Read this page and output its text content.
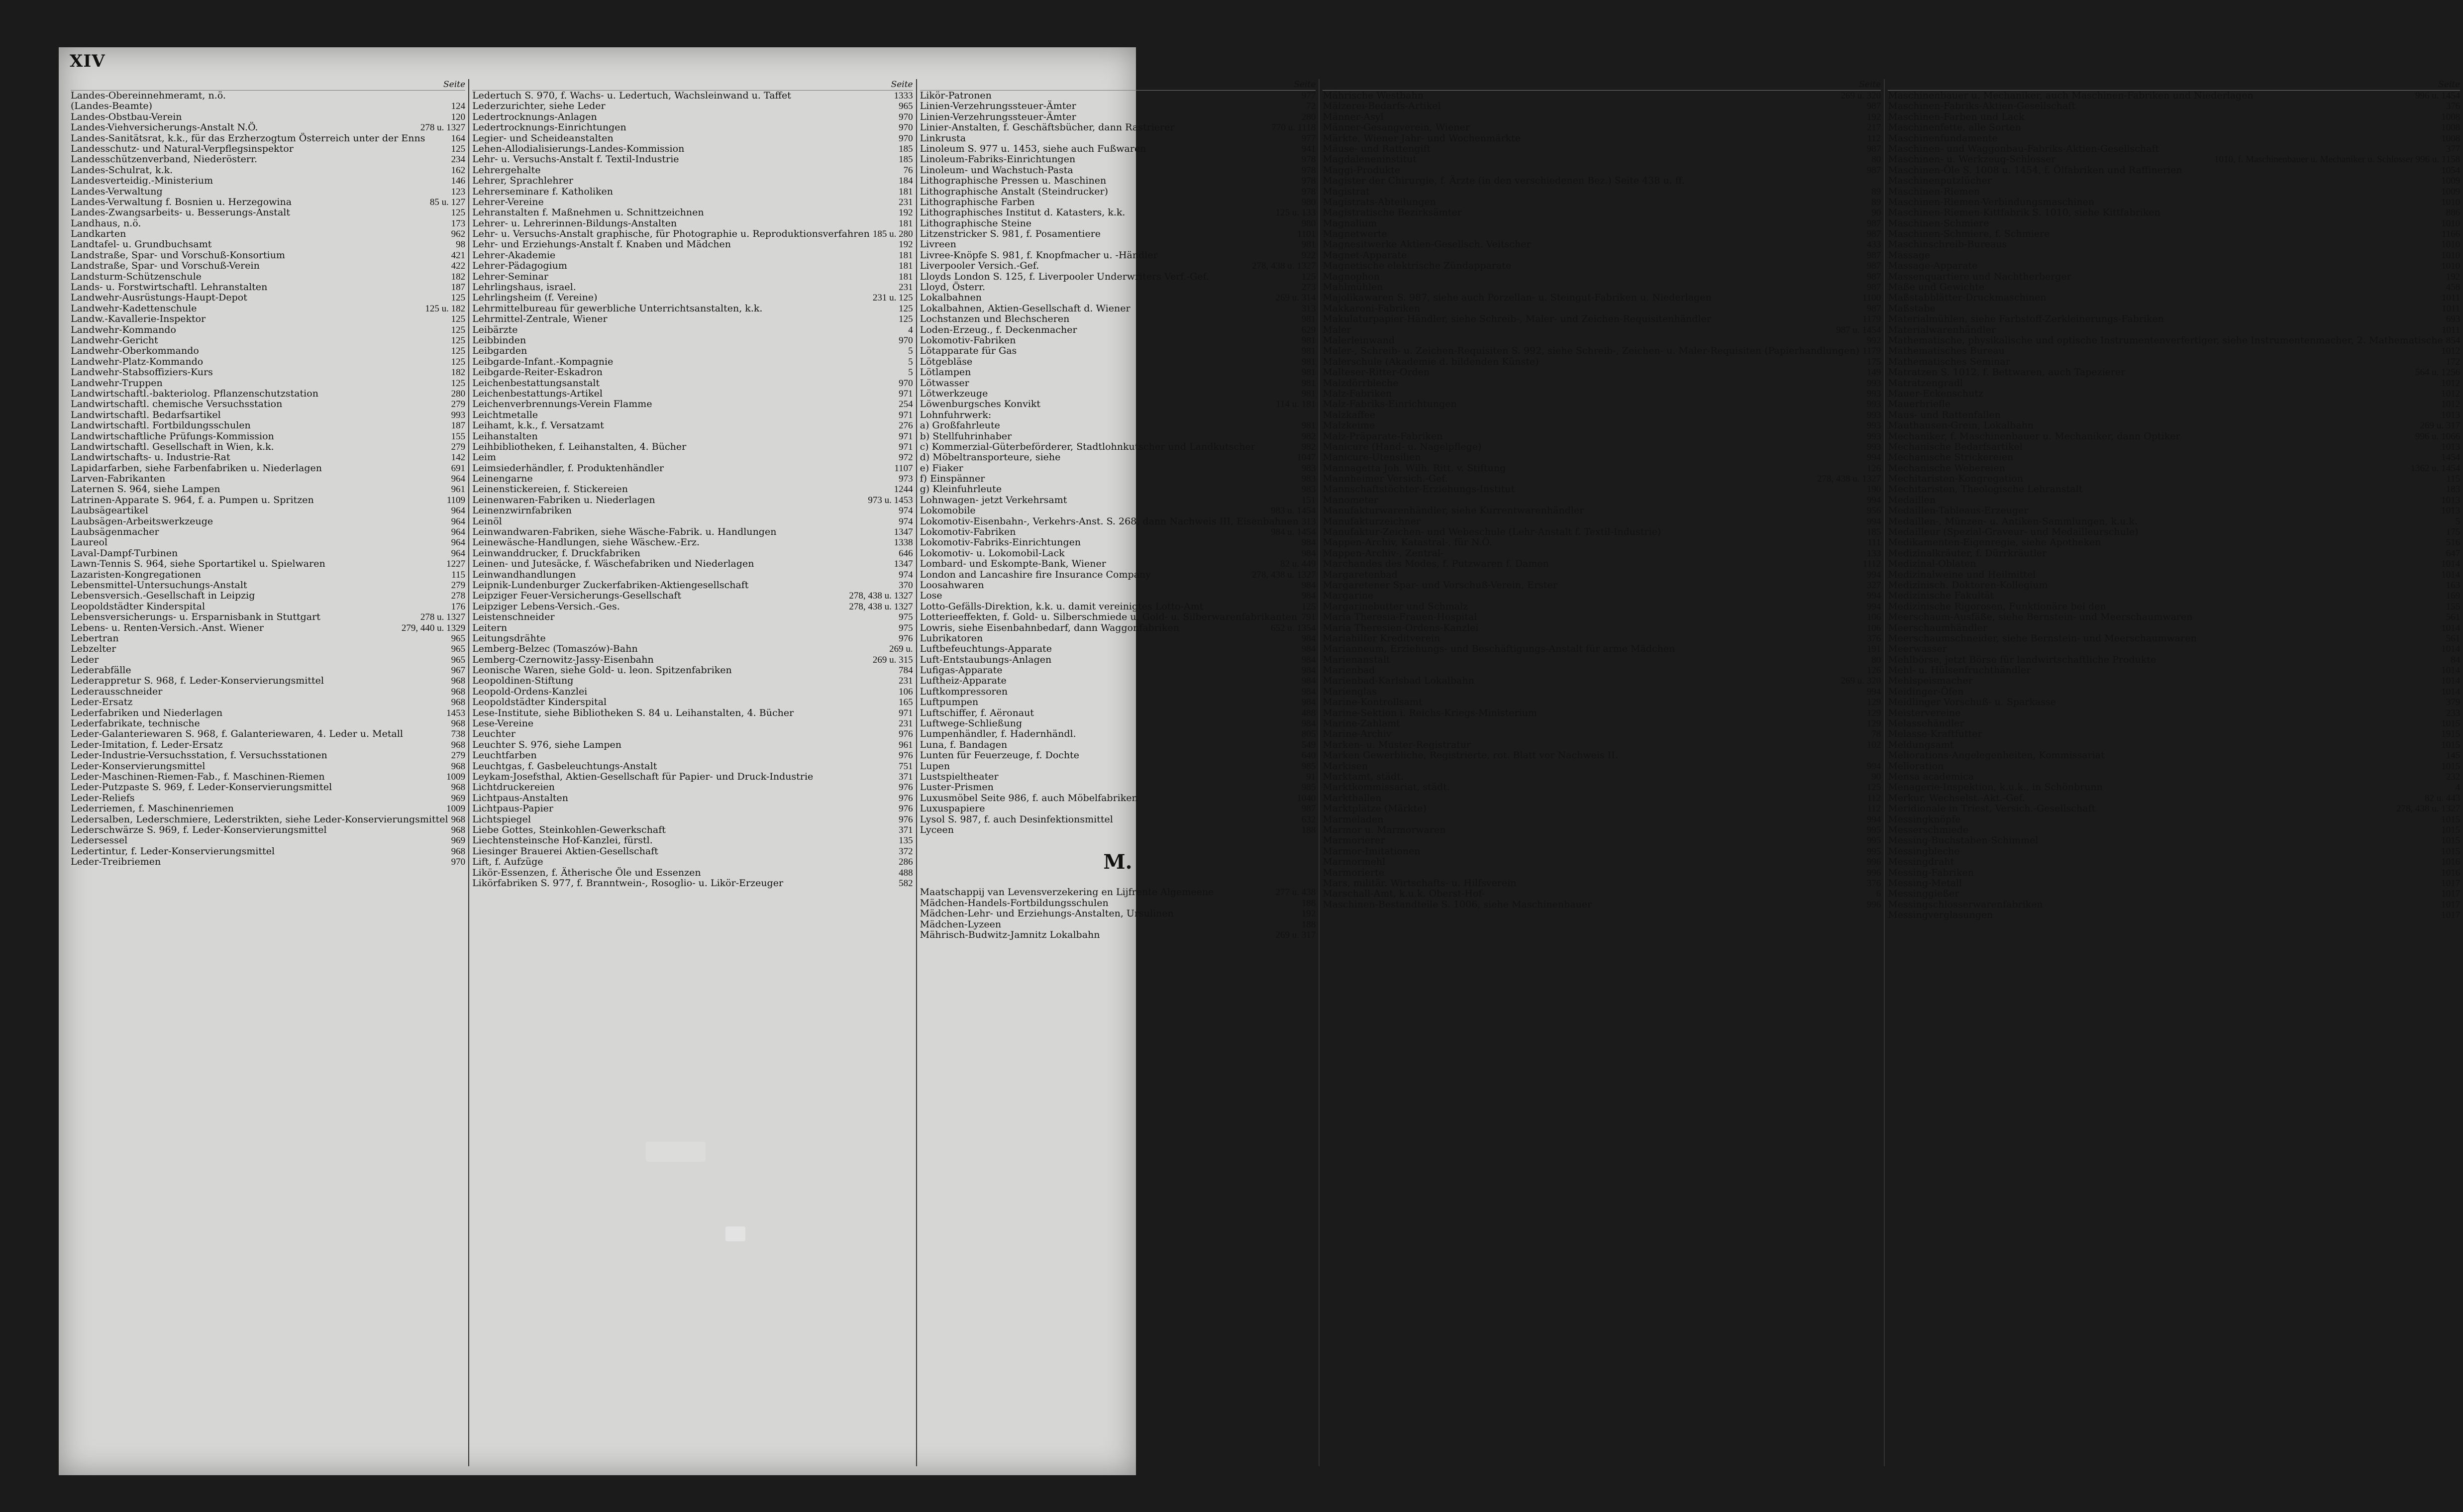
XIV
Seite
Landes-Obereinnehmeramt, n.ö.
(Landes-Beamte)	124
Landes-Obstbau-Verein	120
Landes-Viehversicherungs-Anstalt N.Ö.	278 u. 1327
Landes-Sanitätsrat, k.k., für das Erzherzogtum Österreich unter der Enns	164
Landesschutz- und Natural-Verpflegsinspektor	125
Landesschützenverband, Niederösterr.	234
Landes-Schulrat, k.k.	162
Landesverteidig.-Ministerium	146
Landes-Verwaltung	123
Landes-Verwaltung f. Bosnien u. Herzegowina	85 u. 127
Landes-Zwangsarbeits- u. Besserungs-Anstalt	125
Landhaus, n.ö.	173
Landkarten	962
Landtafel- u. Grundbuchsamt	98
Landstraße, Spar- und Vorschuß-Konsortium	421
Landstraße, Spar- und Vorschuß-Verein	422
Landsturm-Schützenschule	182
Lands- u. Forstwirtschaftl. Lehranstalten	187
Landwehr-Ausrüstungs-Haupt-Depot	125
Landwehr-Kadettenschule	125 u. 182
Landw.-Kavallerie-Inspektor	125
Landwehr-Kommando	125
Landwehr-Gericht	125
Landwehr-Oberkommando	125
Landwehr-Platz-Kommando	125
Landwehr-Stabsoffiziers-Kurs	182
Landwehr-Truppen	125
Landwirtschaftl.-bakteriolog. Pflanzenschutzstation	280
Landwirtschaftl. chemische Versuchsstation	279
Landwirtschaftl. Bedarfsartikel	993
Landwirtschaftl. Fortbildungsschulen	187
Landwirtschaftliche Prüfungs-Kommission	155
Landwirtschaftl. Gesellschaft in Wien, k.k.	279
Landwirtschafts- u. Industrie-Rat	142
Lapidarfarben, siehe Farbenfabriken u. Niederlagen	691
Larven-Fabrikanten	964
Laternen S. 964, siehe Lampen	961
Latrinen-Apparate S. 964, f. a. Pumpen u. Spritzen	1109
Laubsägeartikel	964
Laubsägen-Arbeitswerkzeuge	964
Laubsägenmacher	964
Laureol	964
Laval-Dampf-Turbinen	964
Lawn-Tennis S. 964, siehe Sportartikel u. Spielwaren	1227
Lazaristen-Kongregationen	115
Lebensmittel-Untersuchungs-Anstalt	279
Lebensversich.-Gesellschaft in Leipzig	278
Leopoldstädter Kinderspital	176
Lebensversicherungs- u. Ersparnisbank in Stuttgart	278 u. 1327
Lebens- u. Renten-Versich.-Anst. Wiener	279, 440 u. 1329
Lebertran	965
Lebzelter	965
Leder	965
Lederabfälle	967
Lederappretur S. 968, f. Leder-Konservierungsmittel	968
Lederausschneider	968
Leder-Ersatz	968
Lederfabriken und Niederlagen	1453
Lederfabrikate, technische	968
Leder-Galanteriewaren S. 968, f. Galanteriewaren, 4. Leder u. Metall	738
Leder-Imitation, f. Leder-Ersatz	968
Leder-Industrie-Versuchsstation, f. Versuchsstationen	279
Leder-Konservierungsmittel	968
Leder-Maschinen-Riemen-Fab., f. Maschinen-Riemen	1009
Leder-Putzpaste S. 969, f. Leder-Konservierungsmittel	968
Leder-Reliefs	969
Lederriemen, f. Maschinenriemen	1009
Ledersalben, Lederschmiere, Lederstrikten, siehe Leder-Konservierungsmittel 968
Lederschwärze S. 969, f. Leder-Konservierungsmittel	968
Ledersessel	969
Ledertintur, f. Leder-Konservierungsmittel	968
Leder-Treibriemen	970
Seite
Ledertuch S. 970, f. Wachs- u. Ledertuch, Wachsleinwand u. Taffet	1333
Lederzurichter, siehe Leder	965
Ledertrocknungs-Anlagen	970
Ledertrocknungs-Einrichtungen	970
Legier- und Scheideanstalten	970
Lehen-Allodialisierungs-Landes-Kommission	185
Lehr- u. Versuchs-Anstalt f. Textil-Industrie	185
Lehrergehalte	76
Lehrer, Sprachlehrer	184
Lehrerseminare f. Katholiken	181
Lehrer-Vereine	231
Lehranstalten f. Maßnehmen u. Schnittzeichnen	192
Lehrer- u. Lehrerinnen-Bildungs-Anstalten	181
Lehr- u. Versuchs-Anstalt graphische, für Photographie u. Reproduktionsverfahren 185 u. 280
Lehr- und Erziehungs-Anstalt f. Knaben und Mädchen	192
Lehrer-Akademie	181
Lehrer-Pädagogium	181
Lehrer-Seminar	181
Lehrlingshaus, israel.	231
Lehrlingsheim (f. Vereine)	231 u. 125
Lehrmittelbureau für gewerbliche Unterrichtsanstalten, k.k.	125
Lehrmittel-Zentrale, Wiener	125
Leibärzte	4
Leibbinden	970
Leibgarden	5
Leibgarde-Infant.-Kompagnie	5
Leibgarde-Reiter-Eskadron	5
Leichenbestattungsanstalt	970
Leichenbestattungs-Artikel	971
Leichenverbrennungs-Verein Flamme	254
Leichtmetalle	971
Leihamt, k.k., f. Versatzamt	276
Leihanstalten	971
Leihbibliotheken, f. Leihanstalten, 4. Bücher	971
Leim	972
Leimsiederhändler, f. Produktenhändler	1107
Leinengarne	973
Leinenstickereien, f. Stickereien	1244
Leinenwaren-Fabriken u. Niederlagen	973 u. 1453
Leinenzwirnfabriken	974
Leinöl	974
Leinwandwaren-Fabriken, siehe Wäsche-Fabrik. u. Handlungen	1347
Leinewäsche-Handlungen, siehe Wäschew.-Erz.	1338
Leinwanddrucker, f. Druckfabriken	646
Leinen- und Jutesäcke, f. Wäschefabriken und Niederlagen	1347
Leinwandhandlungen	974
Leipnik-Lundenburger Zuckerfabriken-Aktiengesellschaft	370
Leipziger Feuer-Versicherungs-Gesellschaft	278, 438 u. 1327
Leipziger Lebens-Versich.-Ges.	278, 438 u. 1327
Leistenschneider	975
Leitern	975
Leitungsdrähte	976
Lemberg-Belzec (Tomaszów)-Bahn	269 u.
Lemberg-Czernowitz-Jassy-Eisenbahn	269 u. 315
Leonische Waren, siehe Gold- u. leon. Spitzenfabriken	784
Leopoldinen-Stiftung	231
Leopold-Ordens-Kanzlei	106
Leopoldstädter Kinderspital	165
Lese-Institute, siehe Bibliotheken S. 84 u. Leihanstalten, 4. Bücher	971
Lese-Vereine	231
Leuchter	976
Leuchter S. 976, siehe Lampen	961
Leuchtfarben	976
Leuchtgas, f. Gasbeleuchtungs-Anstalt	751
Leykam-Josefsthal, Aktien-Gesellschaft für Papier- und Druck-Industrie	371
Lichtdruckereien	976
Lichtpaus-Anstalten	976
Lichtpaus-Papier	976
Lichtspiegel	976
Liebe Gottes, Steinkohlen-Gewerkschaft	371
Liechtensteinsche Hof-Kanzlei, fürstl.	135
Liesinger Brauerei Aktien-Gesellschaft	372
Lift, f. Aufzüge	286
Likör-Essenzen, f. Ätherische Öle und Essenzen	488
Likörfabriken S. 977, f. Branntwein-, Rosoglio- u. Likör-Erzeuger	582
Seite
Likör-Patronen	977
Linien-Verzehrungssteuer-Ämter	72
Linien-Verzehrungssteuer-Ämter	280
Linier-Anstalten, f. Geschäftsbücher, dann Rastrierer	770 u. 1118
Linkrusta	977
Linoleum S. 977 u. 1453, siehe auch Fußwaren	941
Linoleum-Fabriks-Einrichtungen	978
Linoleum- und Wachstuch-Pasta	978
Lithographische Pressen u. Maschinen	978
Lithographische Anstalt (Steindrucker)	978
Lithographische Farben	980
Lithographisches Institut d. Katasters, k.k.	125 u. 133
Lithographische Steine	980
Litzenstricker S. 981, f. Posamentiere	1101
Livreen	981
Livree-Knöpfe S. 981, f. Knopfmacher u. -Händler	922
Liverpooler Versich.-Gef.	278, 438 u. 1327
Lloyds London S. 125, f. Liverpooler Underwriters Verf.-Gef.	125
Lloyd, Österr.	273
Lokalbahnen	269 u. 314
Lokalbahnen, Aktien-Gesellschaft d. Wiener	313
Lochstanzen und Blechscheren	981
Loden-Erzeug., f. Deckenmacher	629
Lokomotiv-Fabriken	981
Lötapparate für Gas	981
Lötgebläse	981
Lötlampen	981
Lötwasser	981
Lötwerkzeuge	981
Löwenburgsches Konvikt	114 u. 181
Lohnfuhrwerk:
a) Großfahrleute	981
b) Stellfuhrinhaber	982
c) Kommerzial-Güterbeförderer, Stadtlohnkutscher und Landkutscher	982
d) Möbeltransporteure, siehe	1047
e) Fiaker	983
f) Einspänner	983
g) Kleinfuhrleute	983
Lohnwagen- jetzt Verkehrsamt	151
Lokomobile	983 u. 1454
Lokomotiv-Eisenbahn-, Verkehrs-Anst. S. 268, dann Nachweis III, Eisenbahnen 313
Lokomotiv-Fabriken	984 u. 1454
Lokomotiv-Fabriks-Einrichtungen	984
Lokomotiv- u. Lokomobil-Lack	984
Lombard- und Eskompte-Bank, Wiener	82 u. 449
London and Lancashire fire Insurance Company	278, 438 u. 1327
Loosahwaren	984
Lose	984
Lotto-Gefälls-Direktion, k.k. u. damit vereinigtes Lotto-Amt	125
Lotterieeffekten, f. Gold- u. Silberschmiede u. Gold- u. Silberwarenfabrikanten 791
Lowris, siehe Eisenbahnbedarf, dann Waggonfabriken	652 u. 1354
Lubrikatoren	984
Luftbefeuchtungs-Apparate	984
Luft-Entstaubungs-Anlagen	984
Lufigas-Apparate	984
Luftheiz-Apparate	984
Luftkompressoren	984
Luftpumpen	984
Luftschiffer, f. Aëronaut	488
Luftwege-Schließung	984
Lumpenhändler, f. Hadernhändl.	805
Luna, f. Bandagen	549
Lunten für Feuerzeuge, f. Dochte	640
Lupen	985
Lustspieltheater	91
Luster-Prismen	985
Luxusmöbel Seite 986, f. auch Möbelfabriken	1040
Luxuspapiere	987
Lysol S. 987, f. auch Desinfektionsmittel	632
Lyceen	188
M.
Maatschappij van Levensverzekering en Lijfrente Algemeene	277 u. 438
Mädchen-Handels-Fortbildungsschulen	188
Mädchen-Lehr- und Erziehungs-Anstalten, Ursulinen	192
Mädchen-Lyzeen	188
Mährisch-Budwitz-Jamnitz Lokalbahn	269 u. 317
Seite
Mährische Westbahn	269 u. 320
Mälzerei-Bedarfs-Artikel	987
Männer-Asyl	192
Männer-Gesangverein, Wiener	217
Märkte, Wiener Jahr- und Wochenmärkte	112
Mäuse- und Rattengift	987
Magdaleneninstitut	80
Maggi-Produkte	987
Magister der Chirurgie, f. Ärzte (in den verschiedenen Bez.) Seite 438 u. ff.
Magistrat	89
Magistrats-Abteilungen	89
Magistratische Bezirksämter	90
Magnalium	987
Magnetwerte	987
Magnesitwerke Aktien-Gesellsch. Veitscher	433
Magnet-Apparate	987
Magnetische elektrische Zündapparate	987
Magnophon	987
Mahlmühlen	987
Majolikawaren S. 987, siehe auch Porzellan- u. Steingut-Fabriken u. Niederlagen	1100
Makkaroni-Fabriken	987
Makulaturpapier-Händler, siehe Schreib-, Maler- und Zeichen-Requisitenhändler	1179
Maler	987 u. 1454
Malerleinwand	992
Maler-, Schreib- u. Zeichen-Requisiten S. 992, siehe Schreib-, Zeichen- u. Maler-Requisiten (Papierhandlungen) 1179
Malerschule (Akademie d. bildenden Künste)	175
Malteser-Ritter-Orden	149
Malzdörrbleche	993
Malz-Fabriken	993
Malz-Fabriks-Einrichtungen	993
Malzkaffee	993
Malzkeime	993
Malz-Präparate-Fabriken	993
Manicure (Hand- u. Nagelpflege)	993
Manicure-Utensilien	994
Mannagetta Joh. Wilh. Ritt. v. Stiftung	126
Mannheimer Versich.-Gef.	278, 438 u. 1327
Mannschaftstöchter-Erziehungs-Institut	190
Manometer	994
Manufakturwarenhändler, siehe Kurrentwarenhändler	956
Manufakturzeichner	994
Manufaktur-Zeichen- und Webeschule (Lehr-Anstalt f. Textil-Industrie)	185
Mappen-Archiv, Katastral-, für N.Ö.	111
Mappen-Archiv-, Zentral-	133
Marchandes des Modes, f. Putzwaren f. Damen	1112
Margaretenbad	994
Margaretener Spar- und Vorschuß-Verein, Erster	327
Margarine	994
Margarinebutter und Schmalz	994
Maria Theresia-Frauen-Hospital	106
Maria Theresien-Ordens-Kanzlei	106
Mariahilfer Kreditverein	376
Marianneum, Erziehungs- und Beschäftigungs-Anstalt für arme Mädchen	191
Marienanstalt	80
Marienbad	126
Marienbad-Karlsbad Lokalbahn	269 u. 320
Marienglas	994
Marine-Kontrollsamt	129
Marine-Sektion i. Reichs-Kriegs-Ministerium	129
Marine-Zahlamt	129
Marine-Archiv	78
Marken- u. Muster-Registratur	102
Marken Gewerbliche, Registrierte, rot. Blatt vor Nachweis II.
Markisen	994
Marktamt, städt.	90
Marktkommissariat, städt.	125
Markthallen	112
Marktplätze (Märkte)	112
Marmeladen	994
Marmor u. Marmorwaren	995
Marmorierer	995
Marmor-Imitationen	995
Marmormehl	996
Marmorierte	996
Mars, militär. Wirtschafts- u. Hilfsverein	376
Marschall-Amt, k.u.k. Oberst-Hof-	6
Maschinen-Bestandteile S. 1006, siehe Maschinenbauer	996
Seite
Maschinenbauer u. Mechaniker, auch Maschinen-Fabriken und Niederlagen	996 u. 1454
Maschinen-Fabriks-Aktien-Gesellschaft	376
Maschinen-Farben und Lack	1008
Maschinenfette, alle Sorten	1008
Maschinenfundamente	1008
Maschinen- und Waggonbau-Fabriks-Aktien-Gesellschaft	377
Maschinen- u. Werkzeug-Schlosser	1010, f. Maschinenbauer u. Mechaniker u. Schlosser 996 u. 1158
Maschinen-Öle S. 1008 u. 1454, f. Ölfabriken und Raffinerien	1054
Maschinenputzlücher	1009
Maschinen-Riemen	1009
Maschinen-Riemen-Verbindungsmaschinen	1010
Maschinen-Riemen-Kittfabrik S. 1010, siehe Kittfabriken	886
Maschinen-Schmiere	1010
Maschinen-Schmiere, f. Schmiere	1166
Maschinschreib-Bureaus	1010
Massage	1010
Massage-Apparate	1010
Massenquartiere und Nachtherberger	192
Maße und Gewichte	458
Maßstabblätter-Druckmaschinen	1011
Maßstabe	1011
Materialmühlen, siehe Farbstoff-Zerkleinerungs-Fabriken	693
Materialwarenhändler	1011
Mathematische, physikalische und optische Instrumentenverfertiger, siehe Instrumentenmacher, 2. Mathematische 854
Mathematisches Bureau	1012
Mathematisches Seminar	172
Matratzen S. 1012, f. Bettwaren, auch Tapezierer	564 u. 1256
Matratzengradl	1012
Mauer-Eckenschutz	1012
Mauerbriefle	1012
Maus- und Rattenfallen	1013
Mauthausen-Grein, Lokalbahn	269 u. 317
Mechaniker, f. Maschinenbauer u. Mechaniker, dann Optiker	996 u. 1066
Mechanische Bedarfsartikel	1013
Mechanische Strickereien	1454
Mechanische Webereien	1362 u. 1454
Mechitaristen-Kongregation	115
Mechitaristen, Theologische Lehranstalt	183
Medaillen	1013
Medaillen-Tableaus-Erzeuger	1013
Medaillen-, Münzen- u. Antiken-Sammlungen, k.u.k.	5
Medailleur (Spezial-Graveur- und Medailleurschule)	175
Medikamenten-Eigenregie, siehe Apotheken	516
Medizinalkräuter, f. Dürrkräutler	647
Medizinal-Oblaten	1014
Medizinalweine und Heilmittel	1014
Medizinisch. Doktoren-Kollegium	163
Medizinische Fakultät	169
Medizinische Rigorosen, Funktionäre bei den	155
Meerschaum-Ausfäße, siehe Bernstein- und Meerschaumwaren	561
Meerschaumhändler	1014
Meerschaumschneider, siehe Bernstein- und Meerschaumwaren	561
Meerwasser	1014
Mehlbörse, jetzt Börse für landwirtschaftliche Produkte	84
Mehl- u. Hülsenfruchthändler	1014
Mehlspeismacher	1014
Meidinger-Öfen	1014
Meidlinger Vorschuß- u. Sparkasse	379
Meistervereine	233
Melassehändler	1015
Melasse-Kraftfutter	1915
Meldungsamt	1015
Meliorations-Angelegenheiten, Kommissariat	145
Melioration	1015
Mensa academica	232
Menagerie-Inspektion, k.u.k., in Schönbrunn	4
Merkur, Wechselst.-Akt.-Gef.	82 u. 443
Meridionale in Triest, Versich.-Gesellschaft	278, 438 u. 1327
Messingknöpfe	1015
Messerschmiede	1015
Messing-Buchstaben-Schimmel	1015
Messingbleche	1015
Messingdraht	1016
Messing-Fabriken	1016
Messing-Metall	1017
Messinggießer	1017
Messingschlosserwarenfabriken	1017
Messingverglasungen	1017
